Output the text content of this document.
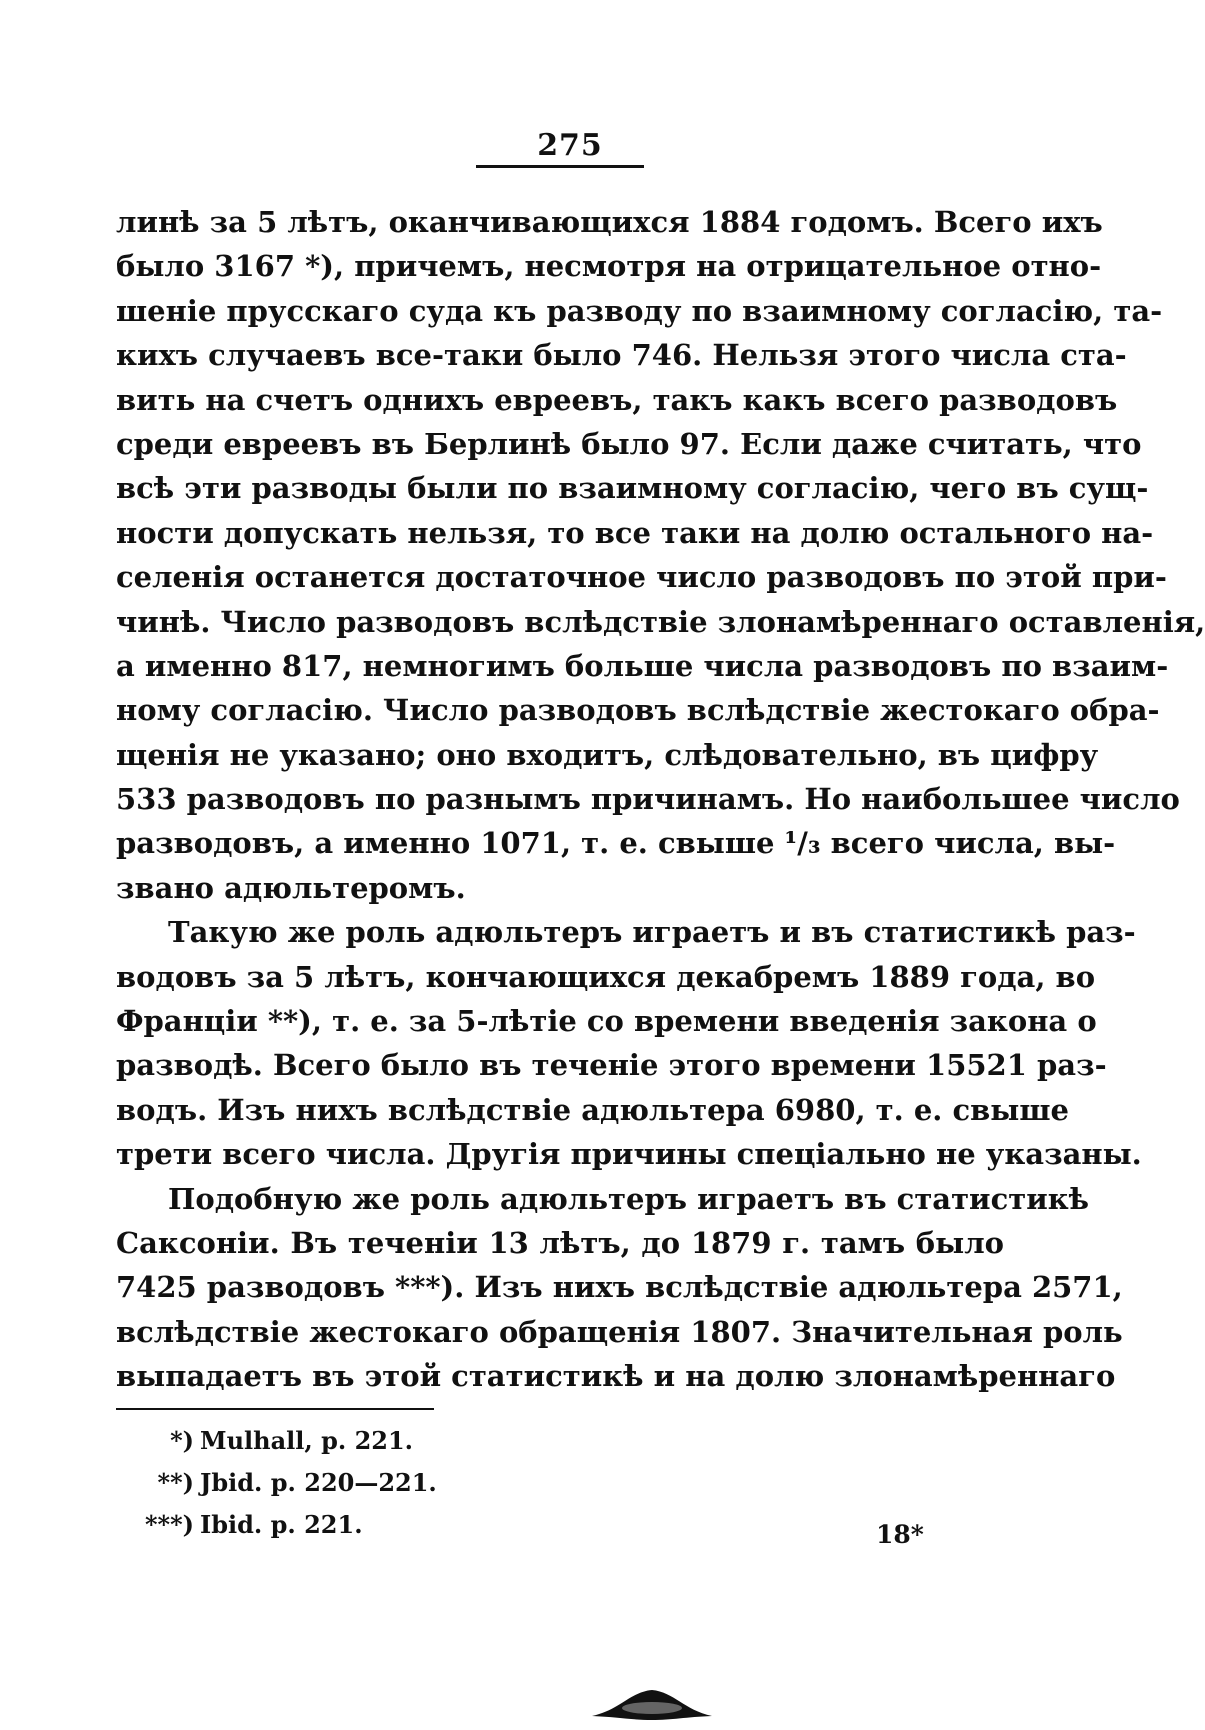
275
линѣ за 5 лѣтъ, оканчивающихся 1884 годомъ. Всего ихъ
было 3167 *), причемъ, несмотря на отрицательное отно-
шеніе прусскаго суда къ разводу по взаимному согласію, та-
кихъ случаевъ все-таки было 746. Нельзя этого числа ста-
вить на счетъ однихъ евреевъ, такъ какъ всего разводовъ
среди евреевъ въ Берлинѣ было 97. Если даже считать, что
всѣ эти разводы были по взаимному согласію, чего въ сущ-
ности допускать нельзя, то все таки на долю остального на-
селенія останется достаточное число разводовъ по этой при-
чинѣ. Число разводовъ вслѣдствіе злонамѣреннаго оставленія,
а именно 817, немногимъ больше числа разводовъ по взаим-
ному согласію. Число разводовъ вслѣдствіе жестокаго обра-
щенія не указано; оно входитъ, слѣдовательно, въ цифру
533 разводовъ по разнымъ причинамъ. Но наибольшее число
разводовъ, а именно 1071, т. е. свыше ¹/₃ всего числа, вы-
звано адюльтеромъ.
Такую же роль адюльтеръ играетъ и въ статистикѣ раз-
водовъ за 5 лѣтъ, кончающихся декабремъ 1889 года, во
Франціи **), т. е. за 5-лѣтіе со времени введенія закона о
разводѣ. Всего было въ теченіе этого времени 15521 раз-
водъ. Изъ нихъ вслѣдствіе адюльтера 6980, т. е. свыше
трети всего числа. Другія причины спеціально не указаны.
Подобную же роль адюльтеръ играетъ въ статистикѣ
Саксоніи. Въ теченіи 13 лѣтъ, до 1879 г. тамъ было
7425 разводовъ ***). Изъ нихъ вслѣдствіе адюльтера 2571,
вслѣдствіе жестокаго обращенія 1807. Значительная роль
выпадаетъ въ этой статистикѣ и на долю злонамѣреннаго
*) Mulhall, p. 221.
**) Jbid. p. 220—221.
***) Ibid. p. 221.	18*
